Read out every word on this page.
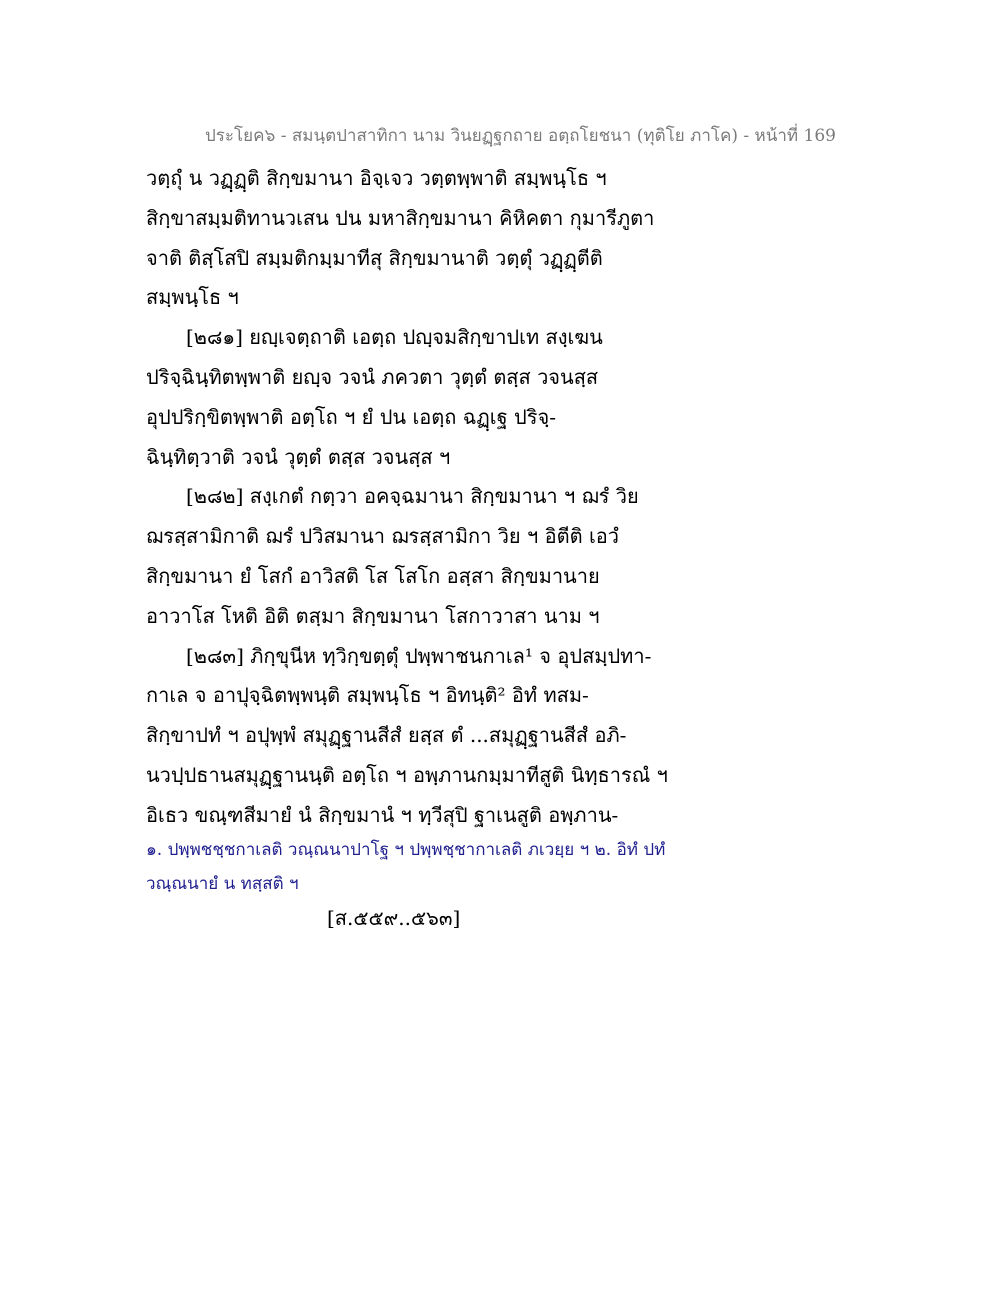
ประโยค๖ - สมนฺตปาสาทิกา นาม วินยฏฺฐกถาย อตฺถโยชนา (ทุติโย ภาโค) - หน้าที่ 169
วตฺถุํ น วฏฺฏฺติ สิกฺขมานา อิจฺเจว วตฺตพฺพาติ สมฺพนฺโธ ฯ
สิกฺขาสมฺมติทานวเสน ปน มหาสิกฺขมานา คิหิคตา กุมารีภูตา
จาติ ติสฺโสปิ สมฺมติกมฺมาทีสุ สิกฺขมานาติ วตฺตุํ วฏฺฏฺตีติ
สมฺพนฺโธ ฯ
[๒๘๑] ยญฺเจตฺถาติ เอตฺถ ปญฺจมสิกฺขาปเท สงฺเฆน
ปริจฺฉินฺทิตพฺพาติ ยญฺจ วจนํ ภควตา วุตฺตํ ตสฺส วจนสฺส
อุปปริกฺขิตพฺพาติ อตฺโถ ฯ ยํ ปน เอตฺถ ฉฏฺเฐ ปริจฺ-
ฉินฺทิตฺวาติ วจนํ วุตฺตํ ตสฺส วจนสฺส ฯ
[๒๘๒] สงฺเกตํ กตฺวา อคจฺฉมานา สิกฺขมานา ฯ ฌรํ วิย
ฌรสฺสามิกาติ ฌรํ ปวิสมานา ฌรสฺสามิกา วิย ฯ อิตีติ เอวํ
สิกฺขมานา ยํ โสกํ อาวิสติ โส โสโก อสฺสา สิกฺขมานาย
อาวาโส โหติ อิติ ตสฺมา สิกฺขมานา โสกาวาสา นาม ฯ
[๒๘๓] ภิกฺขุนีห ทฺวิกฺขตฺตุํ ปพฺพาชนกาเล¹ จ อุปสมฺปทา-
กาเล จ อาปุจฺฉิตพฺพนฺติ สมฺพนฺโธ ฯ อิทนฺติ² อิทํ ทสม-
สิกฺขาปทํ ฯ อปุพฺพํ สมุฏฺฐานสีสํ ยสฺส ตํ ...สมุฏฺฐานสีสํ อภิ-
นวปฺปธานสมุฏฺฐานนฺติ อตฺโถ ฯ อพฺภานกมฺมาทีสูติ นิทฺธารณํ ฯ
อิเธว ขณฺฑสีมายํ นํ สิกฺขมานํ ฯ ทฺวีสุปิ ฐาเนสูติ อพฺภาน-
๑. ปพฺพชชฺชกาเลติ วณฺณนาปาโฐ ฯ ปพฺพชฺชากาเลติ ภเวยฺย ฯ ๒. อิทํ ปทํ
วณฺณนายํ น ทสฺสติ ฯ
[ส.๕๕๙..๕๖๓]
